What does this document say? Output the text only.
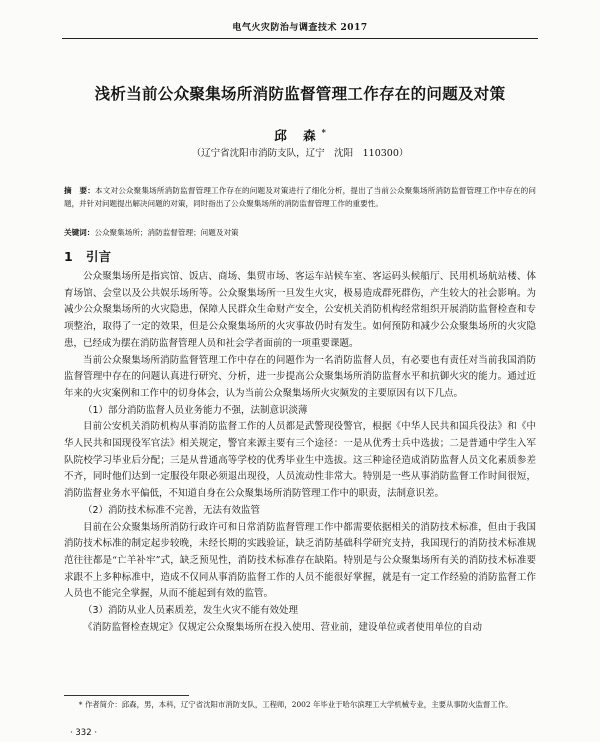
电气火灾防治与调查技术 2017
浅析当前公众聚集场所消防监督管理工作存在的问题及对策
邱 森*
（辽宁省沈阳市消防支队，辽宁　沈阳　110300）
摘　要：本文对公众聚集场所消防监督管理工作存在的问题及对策进行了细化分析，提出了当前公众聚集场所消防监督管理工作中存在的问题，并针对问题提出解决问题的对策，同时指出了公众聚集场所的消防监督管理工作的重要性。
关键词：公众聚集场所；消防监督管理；问题及对策
1 引言

公众聚集场所是指宾馆、饭店、商场、集贸市场、客运车站候车室、客运码头候船厅、民用机场航站楼、体育场馆、会堂以及公共娱乐场所等。公众聚集场所一旦发生火灾，极易造成群死群伤，产生较大的社会影响。为减少公众聚集场所的火灾隐患，保障人民群众生命财产安全，公安机关消防机构经常组织开展消防监督检查和专项整治，取得了一定的效果，但是公众聚集场所的火灾事故仍时有发生。如何预防和减少公众聚集场所的火灾隐患，已经成为摆在消防监督管理人员和社会学者面前的一项重要课题。

当前公众聚集场所消防监督管理工作中存在的问题作为一名消防监督人员，有必要也有责任对当前我国消防监督管理中存在的问题认真进行研究、分析，进一步提高公众聚集场所消防监督水平和抗御火灾的能力。通过近年来的火灾案例和工作中的切身体会，认为当前公众聚集场所火灾频发的主要原因有以下几点。

（1）部分消防监督人员业务能力不强，法制意识淡薄

目前公安机关消防机构从事消防监督工作的人员都是武警现役警官，根据《中华人民共和国兵役法》和《中华人民共和国现役军官法》相关规定，警官来源主要有三个途径：一是从优秀士兵中选拔；二是普通中学生入军队院校学习毕业后分配；三是从普通高等学校的优秀毕业生中选拔。这三种途径造成消防监督人员文化素质参差不齐，同时他们达到一定服役年限必须退出现役，人员流动性非常大。特别是一些从事消防监督工作时间很短，消防监督业务水平偏低，不知道自身在公众聚集场所消防管理工作中的职责，法制意识差。

（2）消防技术标准不完善，无法有效监管

目前在公众聚集场所消防行政许可和日常消防监督管理工作中都需要依据相关的消防技术标准，但由于我国消防技术标准的制定起步较晚，未经长期的实践验证，缺乏消防基础科学研究支持，我国现行的消防技术标准规范往往都是“亡羊补牢”式，缺乏预见性，消防技术标准存在缺陷。特别是与公众聚集场所有关的消防技术标准要求跟不上多种标准中，造成不仅同从事消防监督工作的人员不能很好掌握，就是有一定工作经验的消防监督工作人员也不能完全掌握，从而不能起到有效的监管。

（3）消防从业人员素质差，发生火灾不能有效处理

《消防监督检查规定》仅规定公众聚集场所在投入使用、营业前，建设单位或者使用单位的自动

* 作者简介：邱森，男，本科，辽宁省沈阳市消防支队，工程师，2002 年毕业于哈尔滨理工大学机械专业，主要从事防火监督工作。
· 332 ·
